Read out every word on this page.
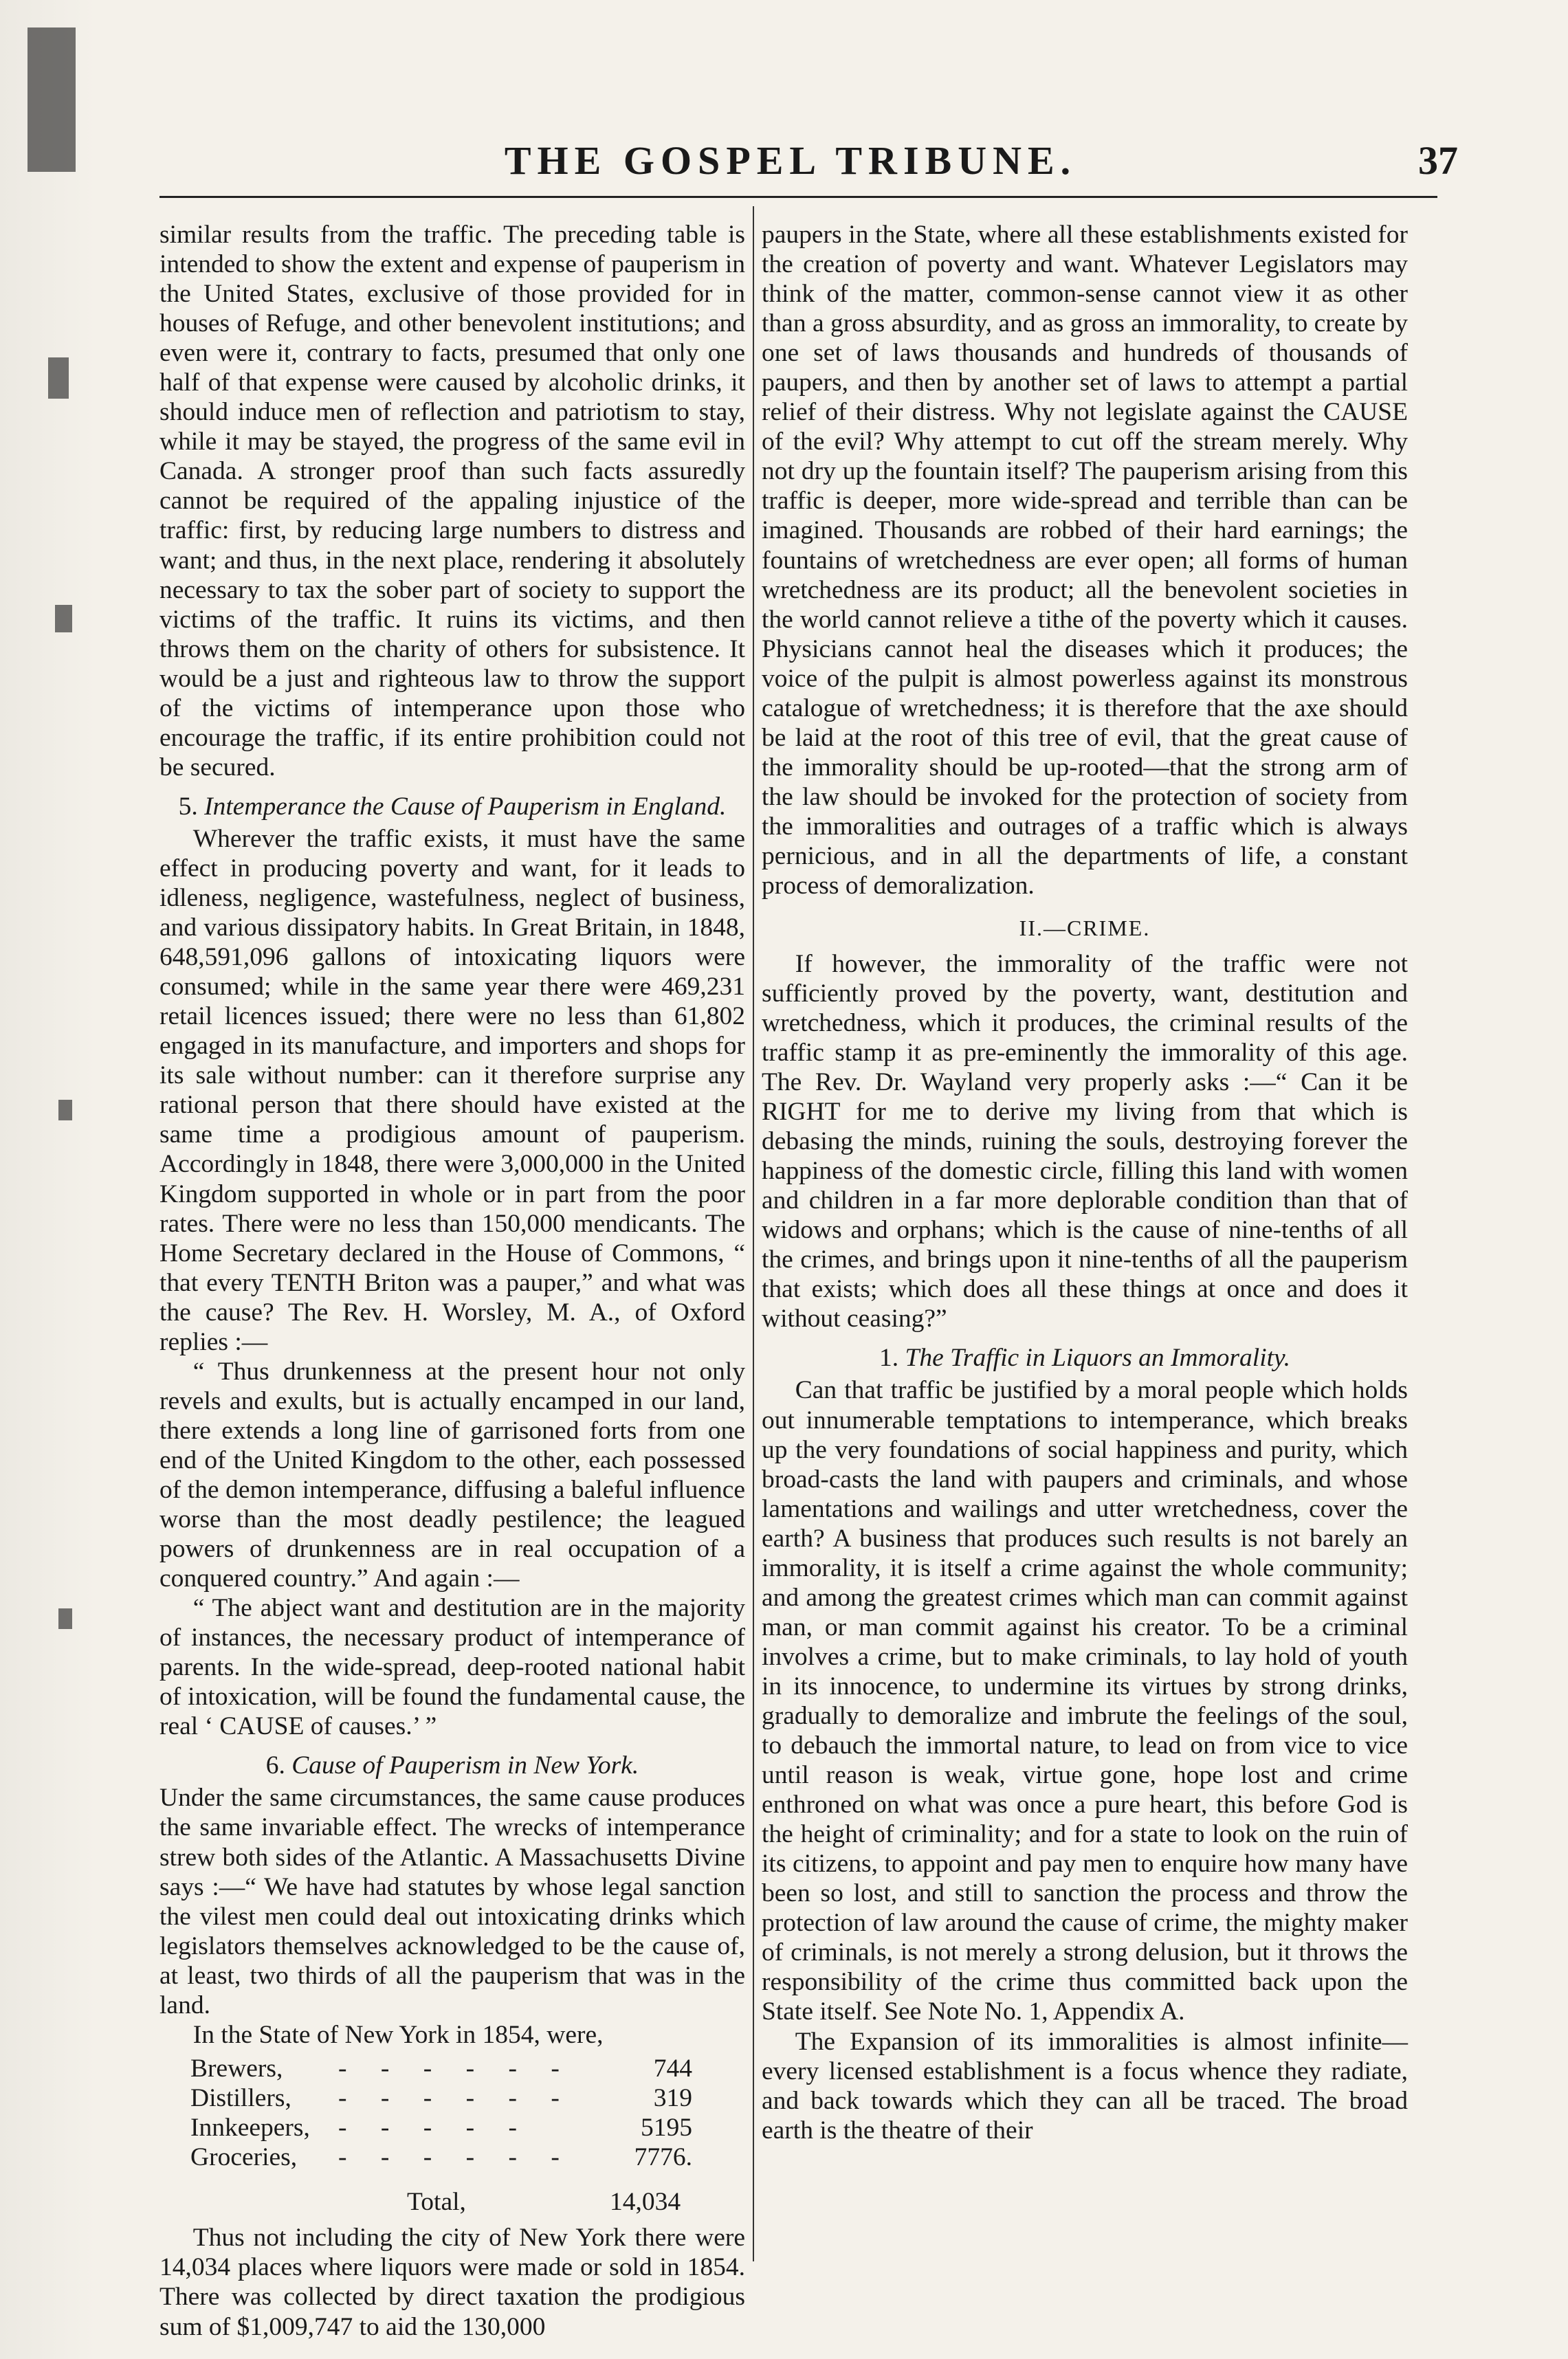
THE GOSPEL TRIBUNE.	37

similar results from the traffic. The preceding table is intended to show the extent and expense of pauperism in the United States, exclusive of those provided for in houses of Refuge, and other benevolent institutions; and even were it, contrary to facts, presumed that only one half of that expense were caused by alcoholic drinks, it should induce men of reflection and patriotism to stay, while it may be stayed, the progress of the same evil in Canada. A stronger proof than such facts assuredly cannot be required of the appaling injustice of the traffic: first, by reducing large numbers to distress and want; and thus, in the next place, rendering it absolutely necessary to tax the sober part of society to support the victims of the traffic. It ruins its victims, and then throws them on the charity of others for subsistence. It would be a just and righteous law to throw the support of the victims of intemperance upon those who encourage the traffic, if its entire prohibition could not be secured.

5. Intemperance the Cause of Pauperism in England.

Wherever the traffic exists, it must have the same effect in producing poverty and want, for it leads to idleness, negligence, wastefulness, neglect of business, and various dissipatory habits. In Great Britain, in 1848, 648,591,096 gallons of intoxicating liquors were consumed; while in the same year there were 469,231 retail licences issued; there were no less than 61,802 engaged in its manufacture, and importers and shops for its sale without number: can it therefore surprise any rational person that there should have existed at the same time a prodigious amount of pauperism. Accordingly in 1848, there were 3,000,000 in the United Kingdom supported in whole or in part from the poor rates. There were no less than 150,000 mendicants. The Home Secretary declared in the House of Commons, “ that every TENTH Briton was a pauper,” and what was the cause? The Rev. H. Worsley, M. A., of Oxford replies :—

“ Thus drunkenness at the present hour not only revels and exults, but is actually encamped in our land, there extends a long line of garrisoned forts from one end of the United Kingdom to the other, each possessed of the demon intemperance, diffusing a baleful influence worse than the most deadly pestilence; the leagued powers of drunkenness are in real occupation of a conquered country.” And again :—

“ The abject want and destitution are in the majority of instances, the necessary product of intemperance of parents. In the wide-spread, deep-rooted national habit of intoxication, will be found the fundamental cause, the real ‘ CAUSE of causes.’ ”

6. Cause of Pauperism in New York.

Under the same circumstances, the same cause produces the same invariable effect. The wrecks of intemperance strew both sides of the Atlantic. A Massachusetts Divine says :—“ We have had statutes by whose legal sanction the vilest men could deal out intoxicating drinks which legislators themselves acknowledged to be the cause of, at least, two thirds of all the pauperism that was in the land.

In the State of New York in 1854, were,

Brewers,	- - - - - -	744
Distillers,	- - - - - -	319
Innkeepers,	- - - - -	5195
Groceries,	- - - - - -	7776.
Total,	14,034

Thus not including the city of New York there were 14,034 places where liquors were made or sold in 1854. There was collected by direct taxation the prodigious sum of $1,009,747 to aid the 130,000

paupers in the State, where all these establishments existed for the creation of poverty and want. Whatever Legislators may think of the matter, common-sense cannot view it as other than a gross absurdity, and as gross an immorality, to create by one set of laws thousands and hundreds of thousands of paupers, and then by another set of laws to attempt a partial relief of their distress. Why not legislate against the CAUSE of the evil? Why attempt to cut off the stream merely. Why not dry up the fountain itself? The pauperism arising from this traffic is deeper, more wide-spread and terrible than can be imagined. Thousands are robbed of their hard earnings; the fountains of wretchedness are ever open; all forms of human wretchedness are its product; all the benevolent societies in the world cannot relieve a tithe of the poverty which it causes. Physicians cannot heal the diseases which it produces; the voice of the pulpit is almost powerless against its monstrous catalogue of wretchedness; it is therefore that the axe should be laid at the root of this tree of evil, that the great cause of the immorality should be up-rooted—that the strong arm of the law should be invoked for the protection of society from the immoralities and outrages of a traffic which is always pernicious, and in all the departments of life, a constant process of demoralization.

II.—CRIME.

If however, the immorality of the traffic were not sufficiently proved by the poverty, want, destitution and wretchedness, which it produces, the criminal results of the traffic stamp it as pre-eminently the immorality of this age. The Rev. Dr. Wayland very properly asks :—“ Can it be RIGHT for me to derive my living from that which is debasing the minds, ruining the souls, destroying forever the happiness of the domestic circle, filling this land with women and children in a far more deplorable condition than that of widows and orphans; which is the cause of nine-tenths of all the crimes, and brings upon it nine-tenths of all the pauperism that exists; which does all these things at once and does it without ceasing?”

1. The Traffic in Liquors an Immorality.

Can that traffic be justified by a moral people which holds out innumerable temptations to intemperance, which breaks up the very foundations of social happiness and purity, which broad-casts the land with paupers and criminals, and whose lamentations and wailings and utter wretchedness, cover the earth? A business that produces such results is not barely an immorality, it is itself a crime against the whole community; and among the greatest crimes which man can commit against man, or man commit against his creator. To be a criminal involves a crime, but to make criminals, to lay hold of youth in its innocence, to undermine its virtues by strong drinks, gradually to demoralize and imbrute the feelings of the soul, to debauch the immortal nature, to lead on from vice to vice until reason is weak, virtue gone, hope lost and crime enthroned on what was once a pure heart, this before God is the height of criminality; and for a state to look on the ruin of its citizens, to appoint and pay men to enquire how many have been so lost, and still to sanction the process and throw the protection of law around the cause of crime, the mighty maker of criminals, is not merely a strong delusion, but it throws the responsibility of the crime thus committed back upon the State itself. See Note No. 1, Appendix A.

The Expansion of its immoralities is almost infinite—every licensed establishment is a focus whence they radiate, and back towards which they can all be traced. The broad earth is the theatre of their
